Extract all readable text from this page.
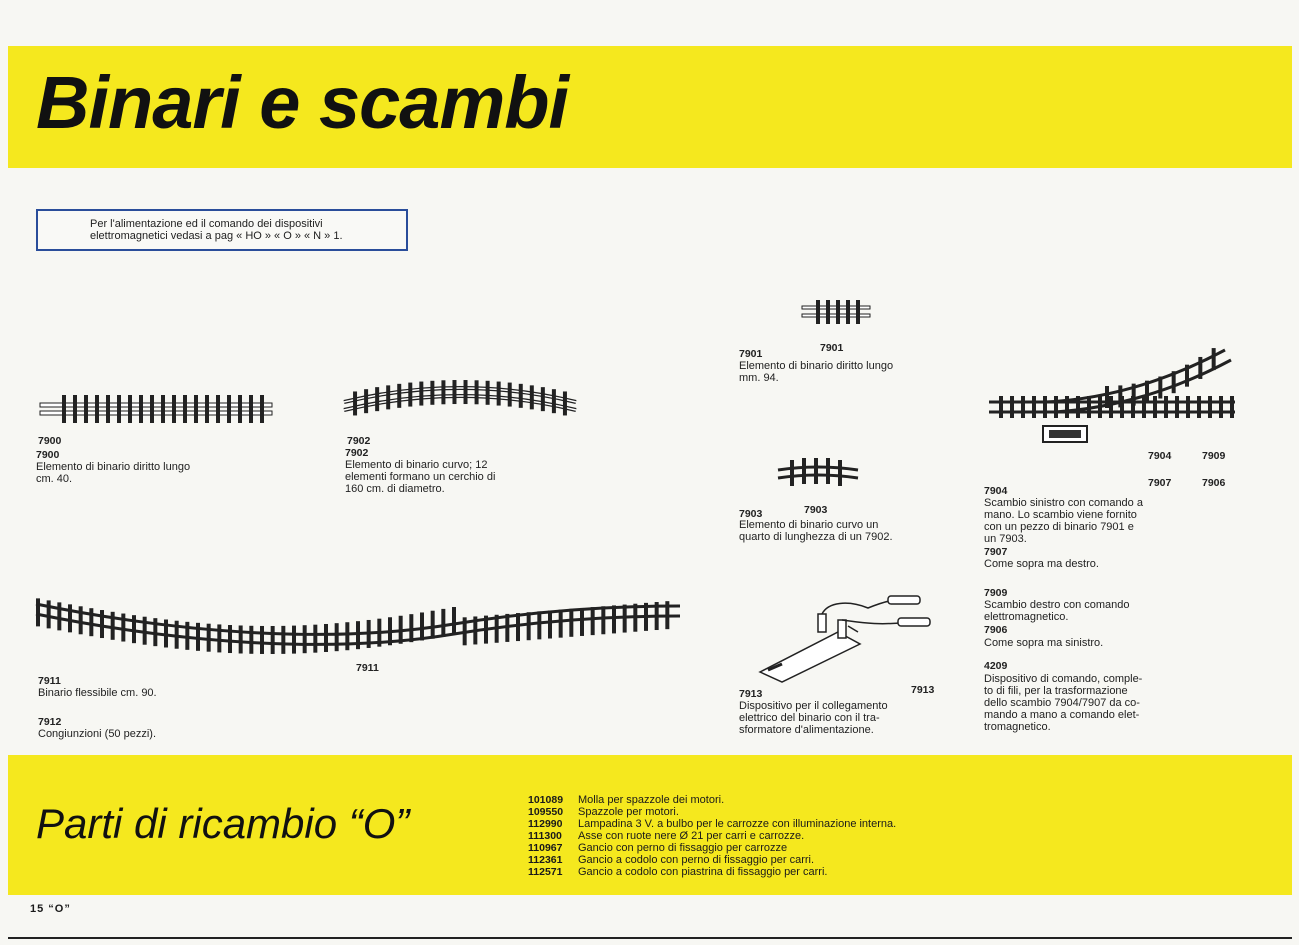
Binari e scambi
Per l'alimentazione ed il comando dei dispositivi
elettromagnetici vedasi a pag « HO » « O » « N » 1.
7900
7900
Elemento di binario diritto lungo
cm. 40.
7902
7902
Elemento di binario curvo; 12
elementi formano un cerchio di
160 cm. di diametro.
7901
7901
Elemento di binario diritto lungo
mm. 94.
7903
7903
Elemento di binario curvo un
quarto di lunghezza di un 7902.
7904	7909
7907	7906
7904
Scambio sinistro con comando a
mano. Lo scambio viene fornito
con un pezzo di binario 7901 e
un 7903.
7907
Come sopra ma destro.
7909
Scambio destro con comando
elettromagnetico.
7906
Come sopra ma sinistro.
4209
Dispositivo di comando, comple-
to di fili, per la trasformazione
dello scambio 7904/7907 da co-
mando a mano a comando elet-
tromagnetico.
7911
7911
Binario flessibile cm. 90.
7912
Congiunzioni (50 pezzi).
7913
7913
Dispositivo per il collegamento
elettrico del binario con il tra-
sformatore d'alimentazione.
Parti di ricambio “O”	101089	Molla per spazzole dei motori.
109550	Spazzole per motori.
112990	Lampadina 3 V. a bulbo per le carrozze con illuminazione interna.
111300	Asse con ruote nere Ø 21 per carri e carrozze.
110967	Gancio con perno di fissaggio per carrozze
112361	Gancio a codolo con perno di fissaggio per carri.
112571	Gancio a codolo con piastrina di fissaggio per carri.
15 “O”
